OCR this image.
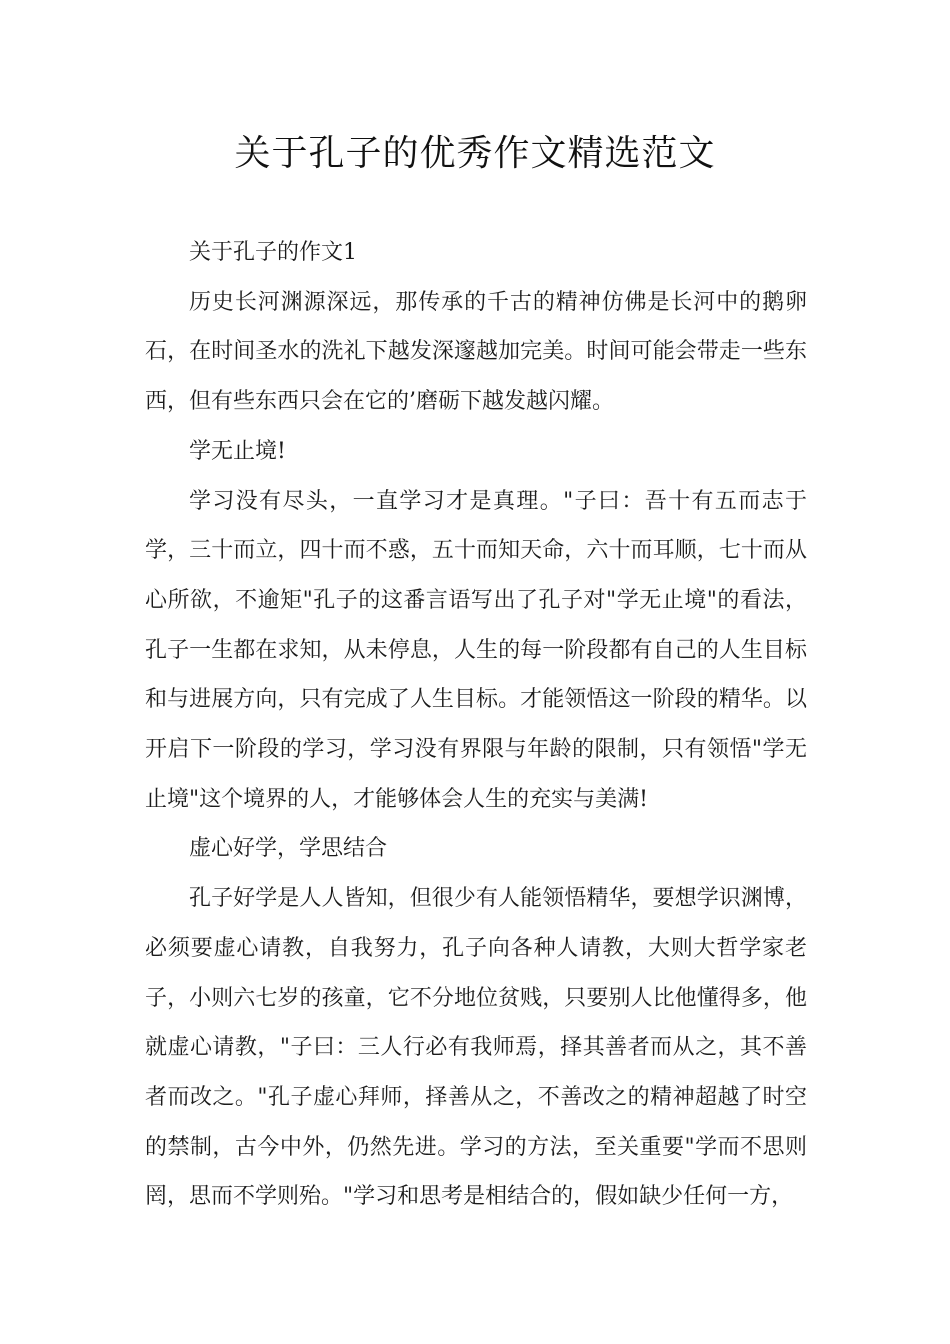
关于孔子的优秀作文精选范文

关于孔子的作文1

历史长河渊源深远，那传承的千古的精神仿佛是长河中的鹅卵石，在时间圣水的洗礼下越发深邃越加完美。时间可能会带走一些东西，但有些东西只会在它的’磨砺下越发越闪耀。

学无止境!

学习没有尽头，一直学习才是真理。"子曰：吾十有五而志于学，三十而立，四十而不惑，五十而知天命，六十而耳顺，七十而从心所欲，不逾矩"孔子的这番言语写出了孔子对"学无止境"的看法，孔子一生都在求知，从未停息，人生的每一阶段都有自己的人生目标和与进展方向，只有完成了人生目标。才能领悟这一阶段的精华。以开启下一阶段的学习，学习没有界限与年龄的限制，只有领悟"学无止境"这个境界的人，才能够体会人生的充实与美满!

虚心好学，学思结合

孔子好学是人人皆知，但很少有人能领悟精华，要想学识渊博，必须要虚心请教，自我努力，孔子向各种人请教，大则大哲学家老子，小则六七岁的孩童，它不分地位贫贱，只要别人比他懂得多，他就虚心请教，"子曰：三人行必有我师焉，择其善者而从之，其不善者而改之。"孔子虚心拜师，择善从之，不善改之的精神超越了时空的禁制，古今中外，仍然先进。学习的方法，至关重要"学而不思则罔，思而不学则殆。"学习和思考是相结合的，假如缺少任何一方，
